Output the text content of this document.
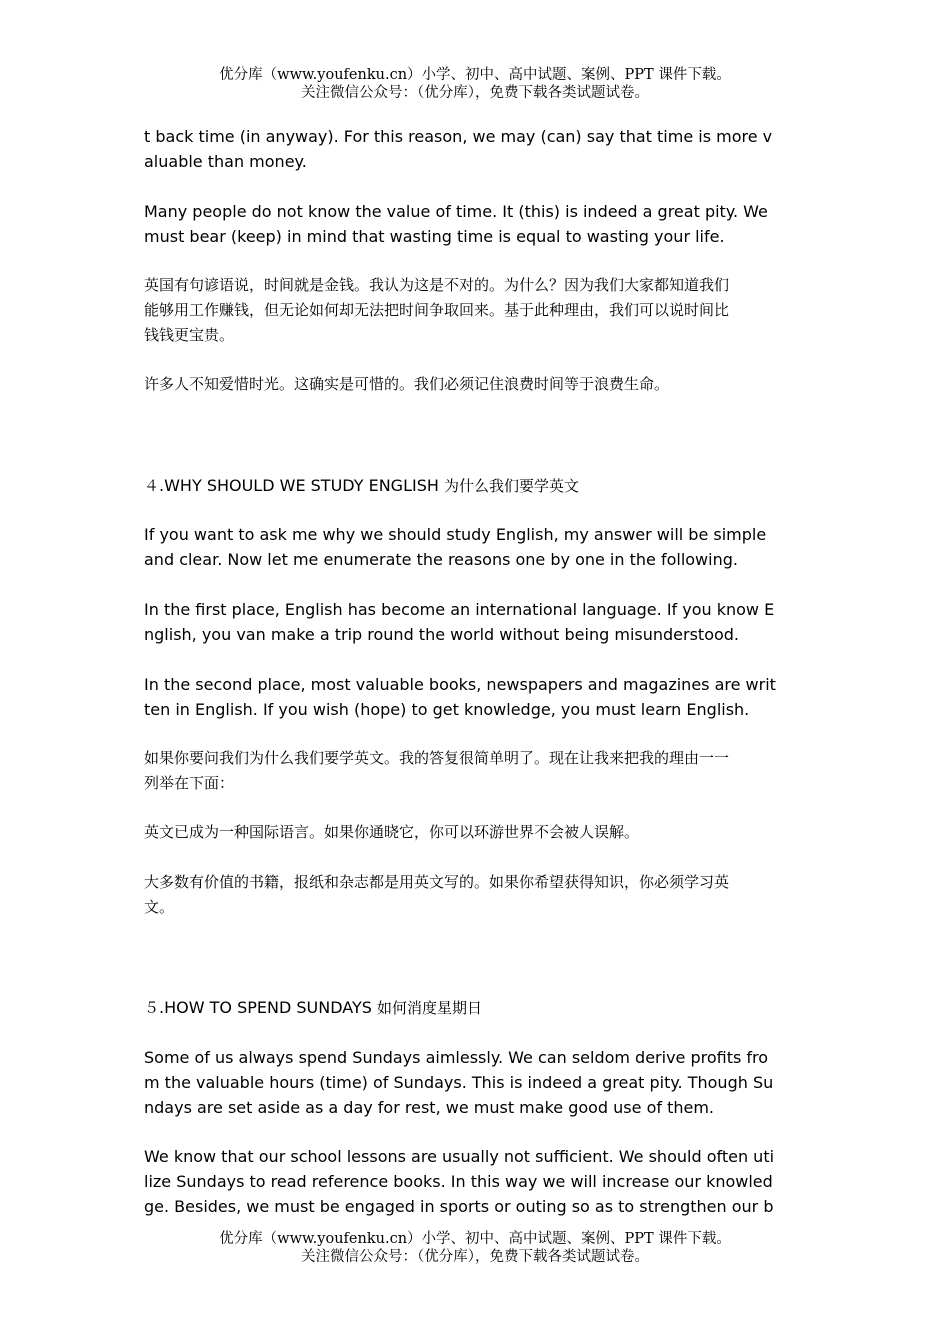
优分库（www.youfenku.cn）小学、初中、高中试题、案例、PPT 课件下载。
关注微信公众号：（优分库），免费下载各类试题试卷。

t back time (in anyway). For this reason, we may (can) say that time is more v
aluable than money.

Many people do not know the value of time. It (this) is indeed a great pity. We
must bear (keep) in mind that wasting time is equal to wasting your life.

英国有句谚语说，时间就是金钱。我认为这是不对的。为什么？因为我们大家都知道我们
能够用工作赚钱，但无论如何却无法把时间争取回来。基于此种理由，我们可以说时间比
钱钱更宝贵。

许多人不知爱惜时光。这确实是可惜的。我们必须记住浪费时间等于浪费生命。

４.WHY SHOULD WE STUDY ENGLISH 为什么我们要学英文

If you want to ask me why we should study English, my answer will be simple
and clear. Now let me enumerate the reasons one by one in the following.

In the first place, English has become an international language. If you know E
nglish, you van make a trip round the world without being misunderstood.

In the second place, most valuable books, newspapers and magazines are writ
ten in English. If you wish (hope) to get knowledge, you must learn English.

如果你要问我们为什么我们要学英文。我的答复很简单明了。现在让我来把我的理由一一
列举在下面：

英文已成为一种国际语言。如果你通晓它，你可以环游世界不会被人误解。

大多数有价值的书籍，报纸和杂志都是用英文写的。如果你希望获得知识，你必须学习英
文。

５.HOW TO SPEND SUNDAYS 如何消度星期日

Some of us always spend Sundays aimlessly. We can seldom derive profits fro
m the valuable hours (time) of Sundays. This is indeed a great pity. Though Su
ndays are set aside as a day for rest, we must make good use of them.

We know that our school lessons are usually not sufficient. We should often uti
lize Sundays to read reference books. In this way we will increase our knowled
ge. Besides, we must be engaged in sports or outing so as to strengthen our b

优分库（www.youfenku.cn）小学、初中、高中试题、案例、PPT 课件下载。
关注微信公众号：（优分库），免费下载各类试题试卷。
